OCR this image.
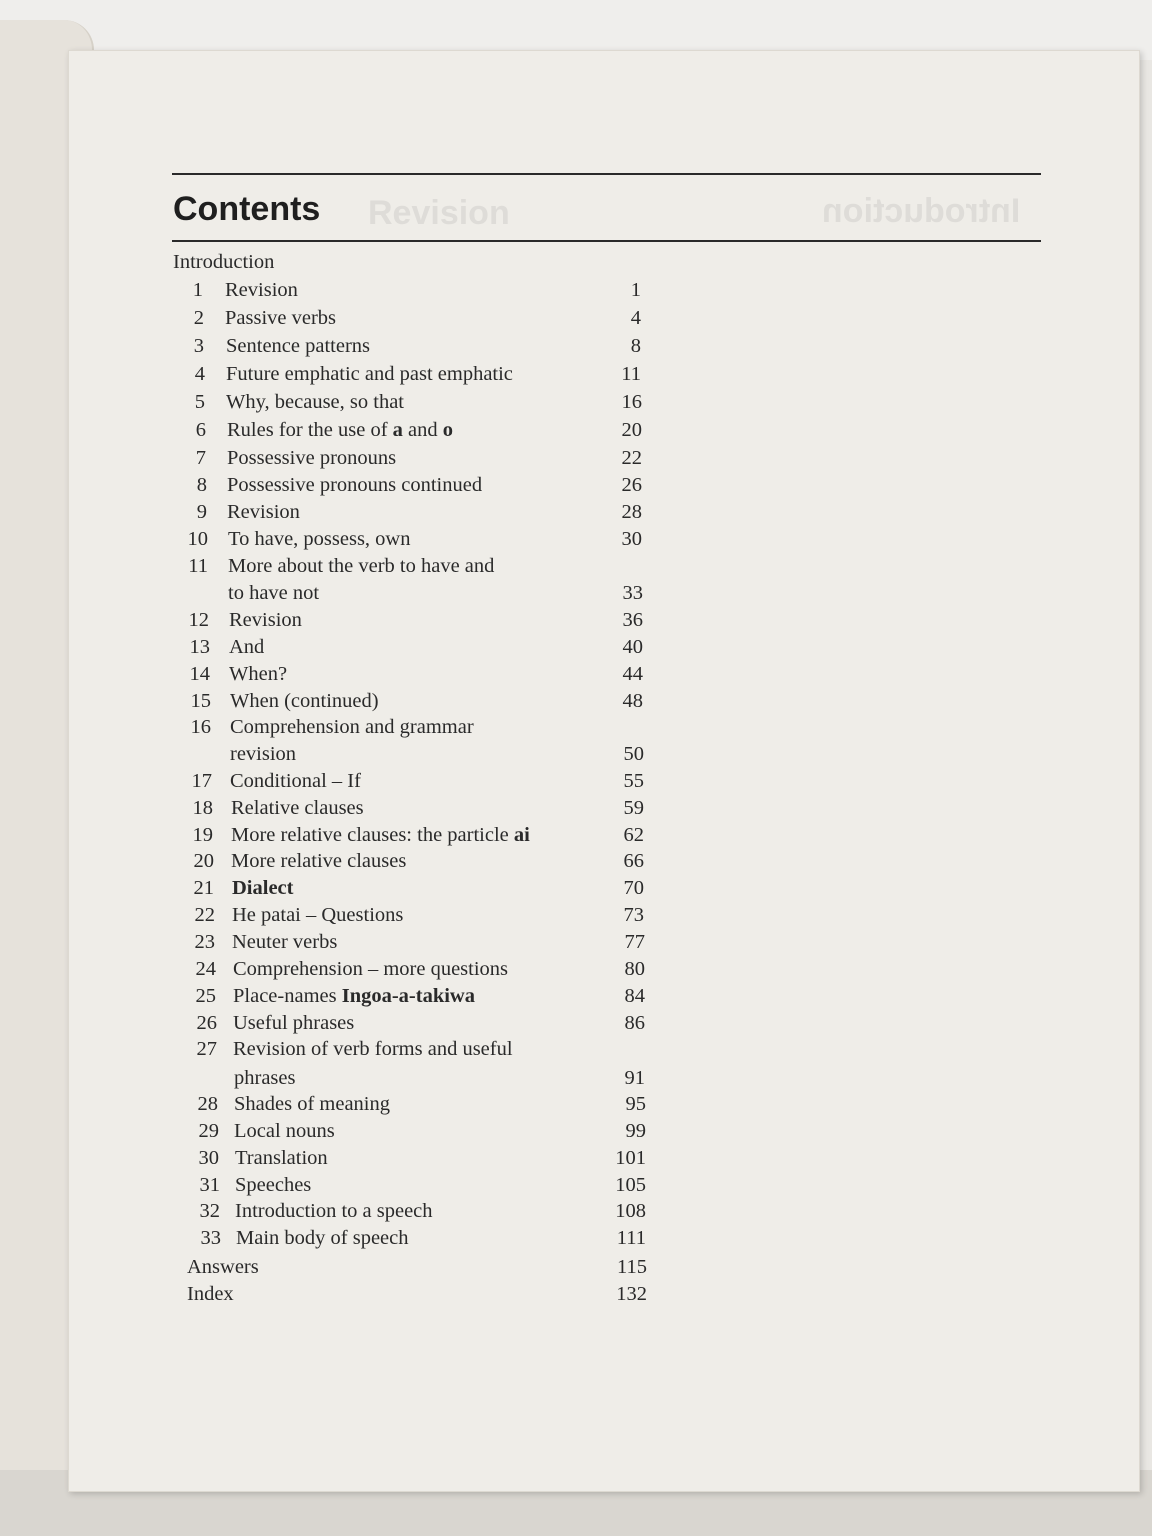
Revision	Introduction
Contents
Introduction
1 Revision	1
2 Passive verbs	4
3 Sentence patterns	8
4 Future emphatic and past emphatic	11
5 Why, because, so that	16
6 Rules for the use of a and o	20
7 Possessive pronouns	22
8 Possessive pronouns continued	26
9 Revision	28
10 To have, possess, own	30
11 More about the verb to have and
to have not	33
12 Revision	36
13 And	40
14 When?	44
15 When (continued)	48
16 Comprehension and grammar
revision	50
17 Conditional – If	55
18 Relative clauses	59
19 More relative clauses: the particle ai	62
20 More relative clauses	66
21 Dialect	70
22 He patai – Questions	73
23 Neuter verbs	77
24 Comprehension – more questions	80
25 Place-names Ingoa-a-takiwa	84
26 Useful phrases	86
27 Revision of verb forms and useful
phrases	91
28 Shades of meaning	95
29 Local nouns	99
30 Translation	101
31 Speeches	105
32 Introduction to a speech	108
33 Main body of speech	111
Answers	115
Index	132
